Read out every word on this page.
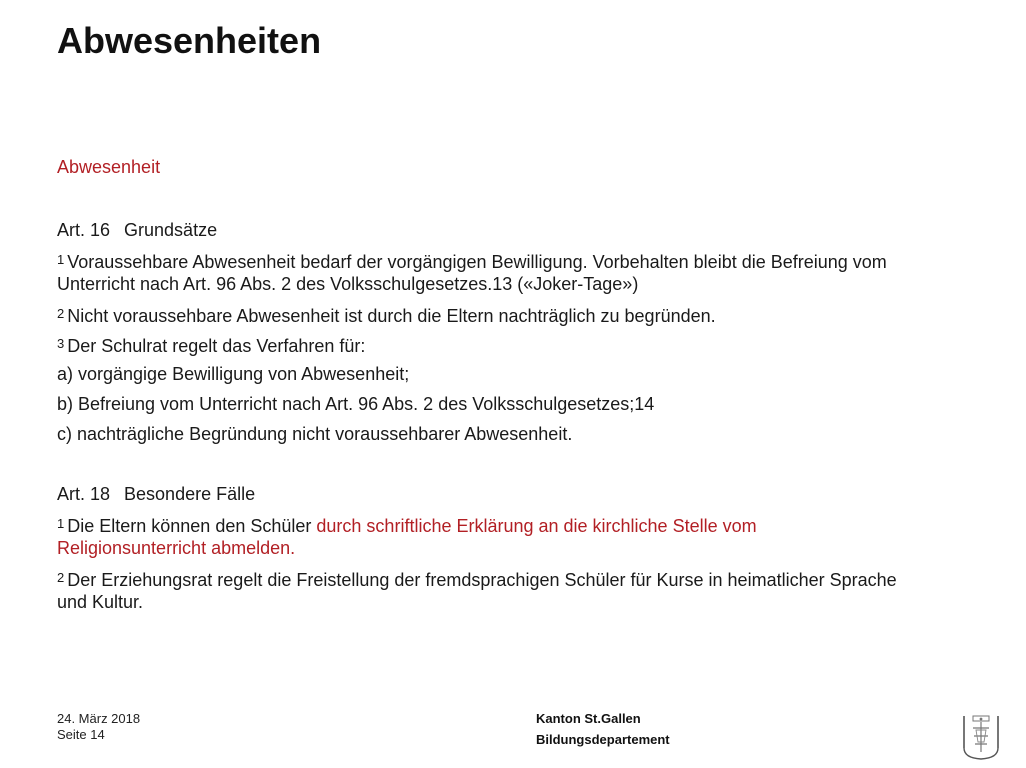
Abwesenheiten
Abwesenheit
Art. 16 Grundsätze
$^1$ Voraussehbare Abwesenheit bedarf der vorgängigen Bewilligung. Vorbehalten bleibt die Befreiung vom
Unterricht nach Art. 96 Abs. 2 des Volksschulgesetzes.13 («Joker-Tage»)
$^2$ Nicht voraussehbare Abwesenheit ist durch die Eltern nachträglich zu begründen.
$^3$ Der Schulrat regelt das Verfahren für:
a) vorgängige Bewilligung von Abwesenheit;
b) Befreiung vom Unterricht nach Art. 96 Abs. 2 des Volksschulgesetzes;14
c) nachträgliche Begründung nicht voraussehbarer Abwesenheit.
Art. 18 Besondere Fälle
$^1$ Die Eltern können den Schüler durch schriftliche Erklärung an die kirchliche Stelle vom
Religionsunterricht abmelden.
$^2$ Der Erziehungsrat regelt die Freistellung der fremdsprachigen Schüler für Kurse in heimatlicher Sprache
und Kultur.
24. März 2018
Seite 14
Kanton St.Gallen
Bildungsdepartement
